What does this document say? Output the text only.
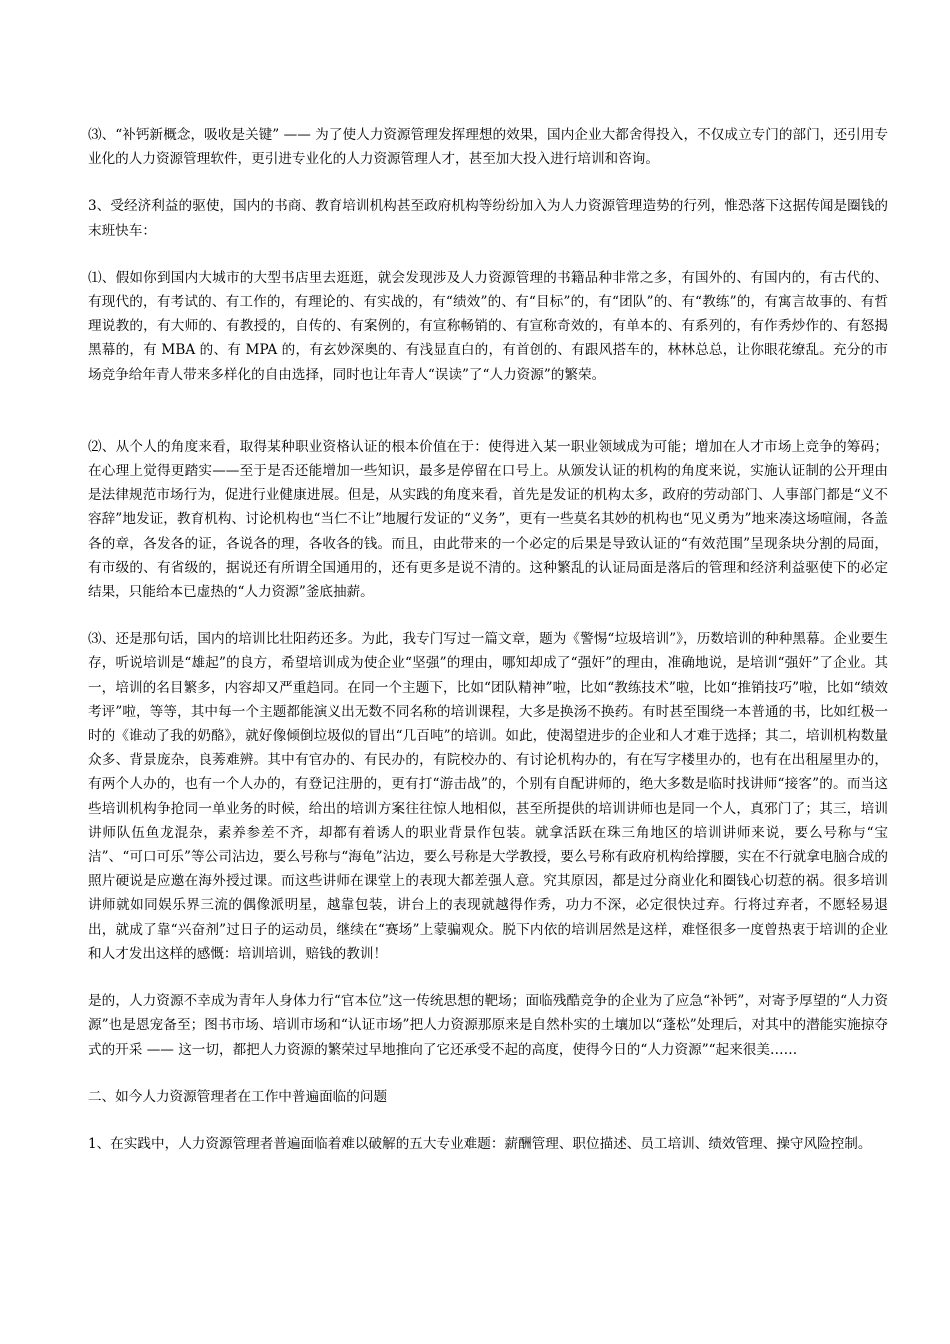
⑶、“补钙新概念，吸收是关键” —— 为了使人力资源管理发挥理想的效果，国内企业大都舍得投入，不仅成立专门的部门，还引用专业化的人力资源管理软件，更引进专业化的人力资源管理人才，甚至加大投入进行培训和咨询。

3、受经济利益的驱使，国内的书商、教育培训机构甚至政府机构等纷纷加入为人力资源管理造势的行列，惟恐落下这据传闻是圈钱的末班快车：

⑴、假如你到国内大城市的大型书店里去逛逛，就会发现涉及人力资源管理的书籍品种非常之多，有国外的、有国内的，有古代的、有现代的，有考试的、有工作的，有理论的、有实战的，有“绩效”的、有“目标”的，有“团队”的、有“教练”的，有寓言故事的、有哲理说教的，有大师的、有教授的，自传的、有案例的，有宣称畅销的、有宣称奇效的，有单本的、有系列的，有作秀炒作的、有怒揭黑幕的，有 MBA 的、有 MPA 的，有玄妙深奥的、有浅显直白的，有首创的、有跟风搭车的，林林总总，让你眼花缭乱。充分的市场竞争给年青人带来多样化的自由选择，同时也让年青人“误读”了“人力资源”的繁荣。

⑵、从个人的角度来看，取得某种职业资格认证的根本价值在于：使得进入某一职业领域成为可能；增加在人才市场上竞争的筹码；在心理上觉得更踏实——至于是否还能增加一些知识，最多是停留在口号上。从颁发认证的机构的角度来说，实施认证制的公开理由是法律规范市场行为，促进行业健康进展。但是，从实践的角度来看，首先是发证的机构太多，政府的劳动部门、人事部门都是“义不容辞”地发证，教育机构、讨论机构也“当仁不让”地履行发证的“义务”，更有一些莫名其妙的机构也“见义勇为”地来凑这场喧闹，各盖各的章，各发各的证，各说各的理，各收各的钱。而且，由此带来的一个必定的后果是导致认证的“有效范围”呈现条块分割的局面，有市级的、有省级的，据说还有所谓全国通用的，还有更多是说不清的。这种繁乱的认证局面是落后的管理和经济利益驱使下的必定结果，只能给本已虚热的“人力资源”釜底抽薪。

⑶、还是那句话，国内的培训比壮阳药还多。为此，我专门写过一篇文章，题为《警惕“垃圾培训”》，历数培训的种种黑幕。企业要生存，听说培训是“雄起”的良方，希望培训成为使企业“坚强”的理由，哪知却成了“强奸”的理由，准确地说，是培训“强奸”了企业。其一，培训的名目繁多，内容却又严重趋同。在同一个主题下，比如“团队精神”啦，比如“教练技术”啦，比如“推销技巧”啦，比如“绩效考评”啦，等等，其中每一个主题都能演义出无数不同名称的培训课程，大多是换汤不换药。有时甚至围绕一本普通的书，比如红极一时的《谁动了我的奶酪》，就好像倾倒垃圾似的冒出“几百吨”的培训。如此，使渴望进步的企业和人才难于选择；其二，培训机构数量众多、背景庞杂，良莠难辨。其中有官办的、有民办的，有院校办的、有讨论机构办的，有在写字楼里办的，也有在出租屋里办的，有两个人办的，也有一个人办的，有登记注册的，更有打“游击战”的，个别有自配讲师的，绝大多数是临时找讲师“接客”的。而当这些培训机构争抢同一单业务的时候，给出的培训方案往往惊人地相似，甚至所提供的培训讲师也是同一个人，真邪门了；其三，培训讲师队伍鱼龙混杂，素养参差不齐，却都有着诱人的职业背景作包装。就拿活跃在珠三角地区的培训讲师来说，要么号称与“宝洁”、“可口可乐”等公司沾边，要么号称与“海龟”沾边，要么号称是大学教授，要么号称有政府机构给撑腰，实在不行就拿电脑合成的照片硬说是应邀在海外授过课。而这些讲师在课堂上的表现大都差强人意。究其原因，都是过分商业化和圈钱心切惹的祸。很多培训讲师就如同娱乐界三流的偶像派明星，越靠包装，讲台上的表现就越得作秀，功力不深，必定很快过弃。行将过弃者，不愿轻易退出，就成了靠“兴奋剂”过日子的运动员，继续在“赛场”上蒙骗观众。脱下内依的培训居然是这样，难怪很多一度曾热衷于培训的企业和人才发出这样的感慨：培训培训，赔钱的教训！

是的，人力资源不幸成为青年人身体力行“官本位”这一传统思想的靶场；面临残酷竞争的企业为了应急“补钙”，对寄予厚望的“人力资源”也是恩宠备至；图书市场、培训市场和“认证市场”把人力资源那原来是自然朴实的土壤加以“蓬松”处理后，对其中的潜能实施掠夺式的开采 —— 这一切，都把人力资源的繁荣过早地推向了它还承受不起的高度，使得今日的“人力资源”“起来很美……

二、如今人力资源管理者在工作中普遍面临的问题

1、在实践中，人力资源管理者普遍面临着难以破解的五大专业难题：薪酬管理、职位描述、员工培训、绩效管理、操守风险控制。
